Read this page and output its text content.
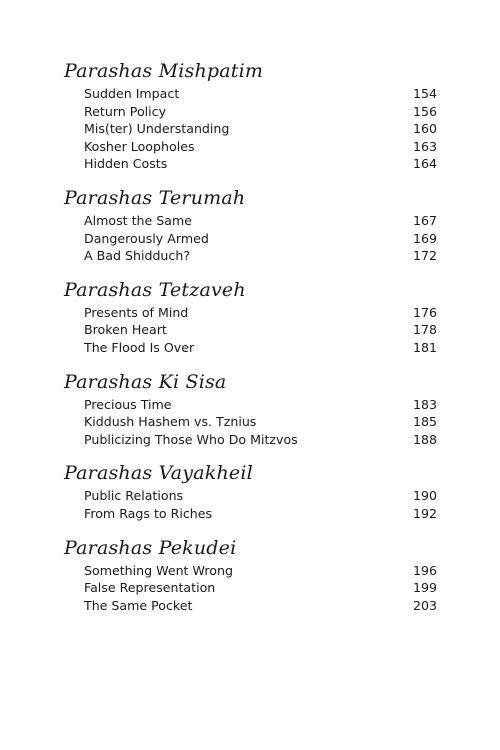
Parashas Mishpatim
Sudden Impact	154
Return Policy	156
Mis(ter) Understanding	160
Kosher Loopholes	163
Hidden Costs	164
Parashas Terumah
Almost the Same	167
Dangerously Armed	169
A Bad Shidduch?	172
Parashas Tetzaveh
Presents of Mind	176
Broken Heart	178
The Flood Is Over	181
Parashas Ki Sisa
Precious Time	183
Kiddush Hashem vs. Tznius	185
Publicizing Those Who Do Mitzvos	188
Parashas Vayakheil
Public Relations	190
From Rags to Riches	192
Parashas Pekudei
Something Went Wrong	196
False Representation	199
The Same Pocket	203
